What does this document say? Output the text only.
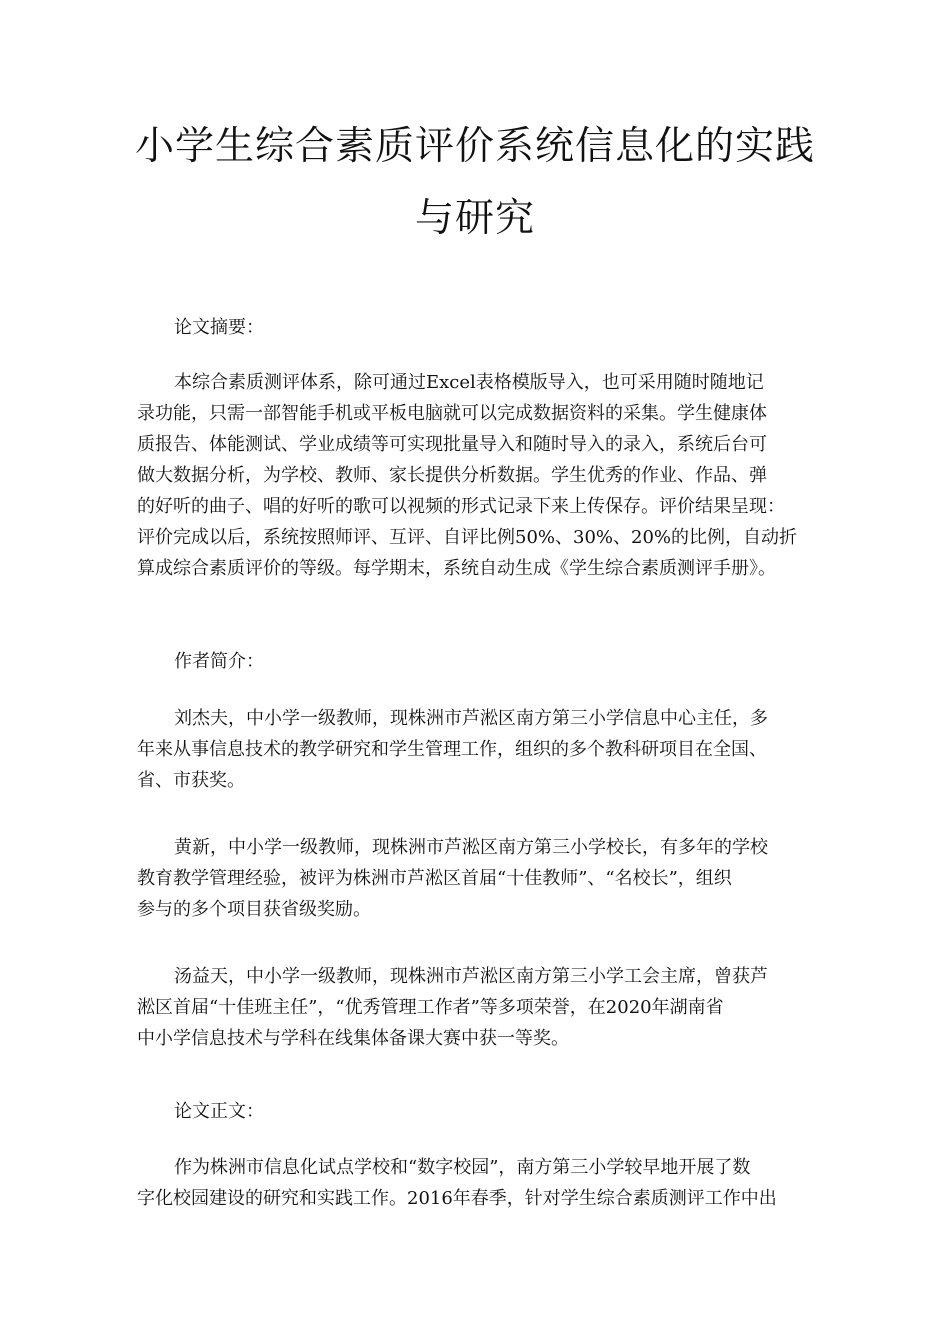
小学生综合素质评价系统信息化的实践
与研究

论文摘要：

本综合素质测评体系，除可通过Excel表格模版导入，也可采用随时随地记
录功能，只需一部智能手机或平板电脑就可以完成数据资料的采集。学生健康体
质报告、体能测试、学业成绩等可实现批量导入和随时导入的录入，系统后台可
做大数据分析，为学校、教师、家长提供分析数据。学生优秀的作业、作品、弹
的好听的曲子、唱的好听的歌可以视频的形式记录下来上传保存。评价结果呈现：
评价完成以后，系统按照师评、互评、自评比例50%、30%、20%的比例，自动折
算成综合素质评价的等级。每学期末，系统自动生成《学生综合素质测评手册》。

作者简介：

刘杰夫，中小学一级教师，现株洲市芦淞区南方第三小学信息中心主任，多
年来从事信息技术的教学研究和学生管理工作，组织的多个教科研项目在全国、
省、市获奖。

黄新，中小学一级教师，现株洲市芦淞区南方第三小学校长，有多年的学校
教育教学管理经验，被评为株洲市芦淞区首届“十佳教师”、“名校长”，组织
参与的多个项目获省级奖励。

汤益天，中小学一级教师，现株洲市芦淞区南方第三小学工会主席，曾获芦
淞区首届“十佳班主任”，“优秀管理工作者”等多项荣誉，在2020年湖南省
中小学信息技术与学科在线集体备课大赛中获一等奖。

论文正文：

作为株洲市信息化试点学校和“数字校园”，南方第三小学较早地开展了数
字化校园建设的研究和实践工作。2016年春季，针对学生综合素质测评工作中出
